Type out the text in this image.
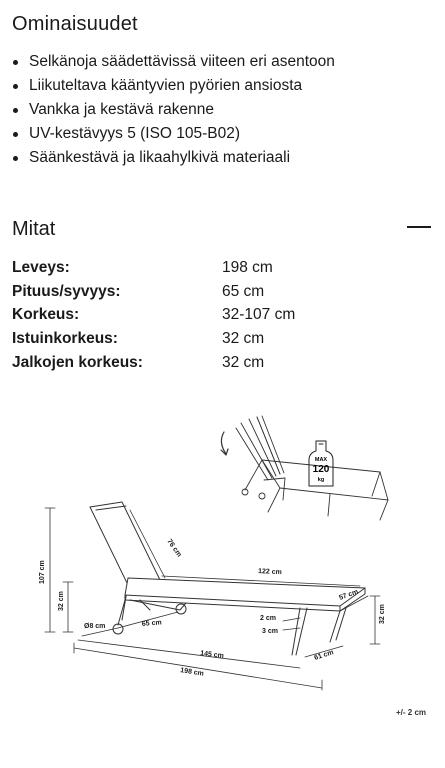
Ominaisuudet
Selkänoja säädettävissä viiteen eri asentoon
Liikuteltava kääntyvien pyörien ansiosta
Vankka ja kestävä rakenne
UV-kestävyys 5 (ISO 105-B02)
Säänkestävä ja likaahylkivä materiaali
Mitat
Leveys:	198 cm
Pituus/syvyys:	65 cm
Korkeus:	32-107 cm
Istuinkorkeus:	32 cm
Jalkojen korkeus:	32 cm
MAX
120
kg
76 cm
107 cm
32 cm
Ø8 cm	65 cm
122 cm
57 cm
32 cm
2 cm
3 cm
145 cm	61 cm
198 cm
+/- 2 cm
